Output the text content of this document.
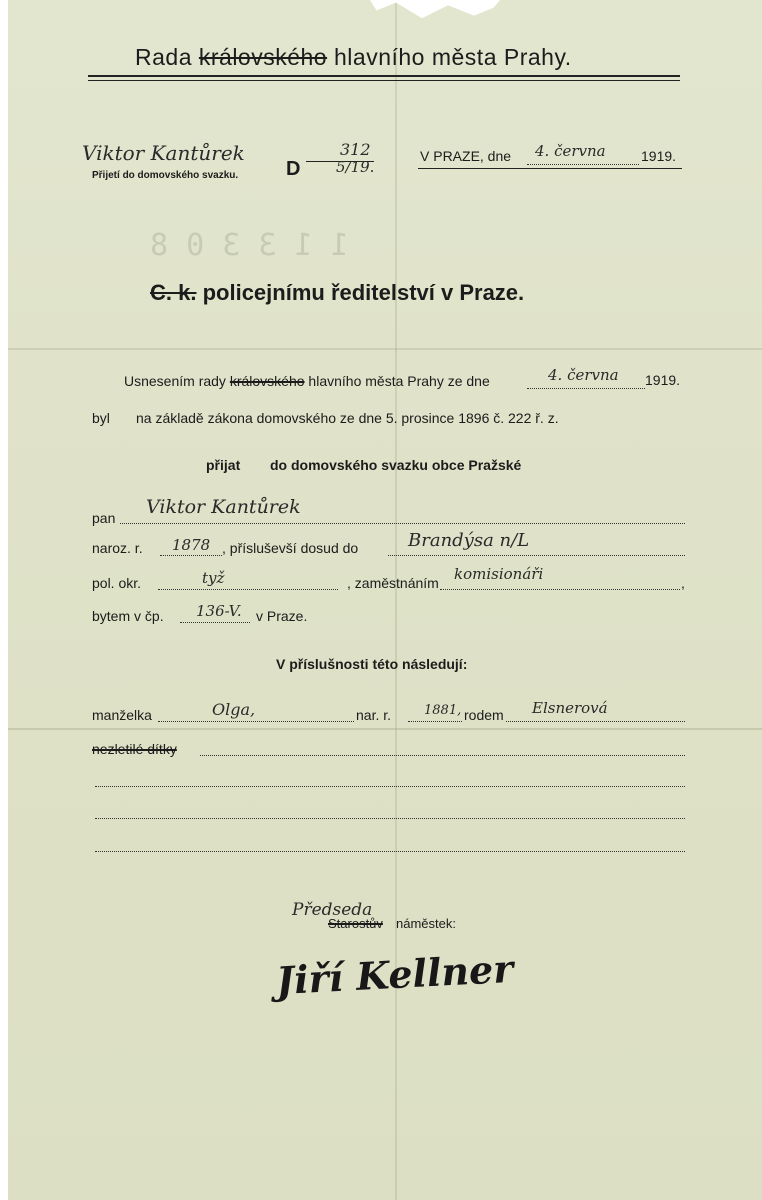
Rada královského hlavního města Prahy.
Viktor Kantůrek
Přijetí do domovského svazku. D
312
5/19.
V PRAZE, dne 4. června	1919.
1 1 3 3 0 8
C. k. policejnímu ředitelství v Praze.
Usnesením rady královského hlavního města Prahy ze dne	4. června 1919.
byl na základě zákona domovského ze dne 5. prosince 1896 č. 222 ř. z.
přijat do domovského svazku obce Pražské
pan Viktor Kantůrek
naroz. r. 1878 , přísluševší dosud do	Brandýsa n/L
pol. okr.	tyž	, zaměstnáním komisionáři	,
bytem v čp. 136-V. v Praze.
V příslušnosti této následují:
manželka	Olga,	nar. r.	1881, rodem Elsnerová
nezletilé dítky
Předseda
Starostův náměstek:
Jiří Kellner
